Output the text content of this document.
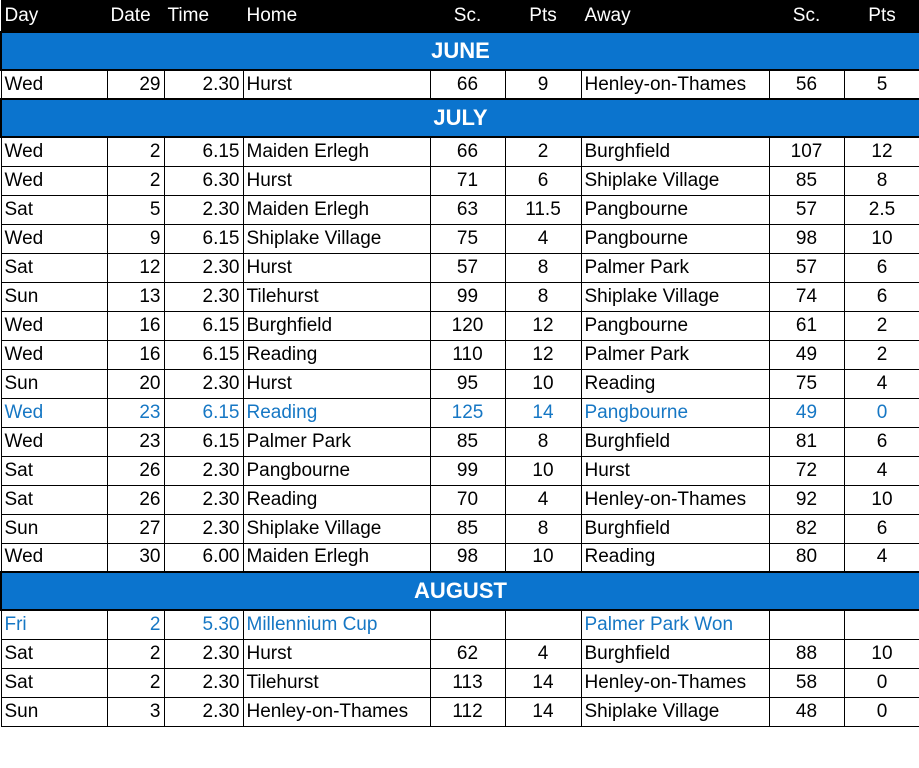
Day	Date	Time	Home	Sc.	Pts	Away	Sc.	Pts
JUNE								
Wed	29	2.30	Hurst	66	9	Henley-on-Thames	56	5
JULY								
Wed	2	6.15	Maiden Erlegh	66	2	Burghfield	107	12
Wed	2	6.30	Hurst	71	6	Shiplake Village	85	8
Sat	5	2.30	Maiden Erlegh	63	11.5	Pangbourne	57	2.5
Wed	9	6.15	Shiplake Village	75	4	Pangbourne	98	10
Sat	12	2.30	Hurst	57	8	Palmer Park	57	6
Sun	13	2.30	Tilehurst	99	8	Shiplake Village	74	6
Wed	16	6.15	Burghfield	120	12	Pangbourne	61	2
Wed	16	6.15	Reading	110	12	Palmer Park	49	2
Sun	20	2.30	Hurst	95	10	Reading	75	4
Wed	23	6.15	Reading	125	14	Pangbourne	49	0
Wed	23	6.15	Palmer Park	85	8	Burghfield	81	6
Sat	26	2.30	Pangbourne	99	10	Hurst	72	4
Sat	26	2.30	Reading	70	4	Henley-on-Thames	92	10
Sun	27	2.30	Shiplake Village	85	8	Burghfield	82	6
Wed	30	6.00	Maiden Erlegh	98	10	Reading	80	4
AUGUST								
Fri	2	5.30	Millennium Cup			Palmer Park Won		
Sat	2	2.30	Hurst	62	4	Burghfield	88	10
Sat	2	2.30	Tilehurst	113	14	Henley-on-Thames	58	0
Sun	3	2.30	Henley-on-Thames	112	14	Shiplake Village	48	0
